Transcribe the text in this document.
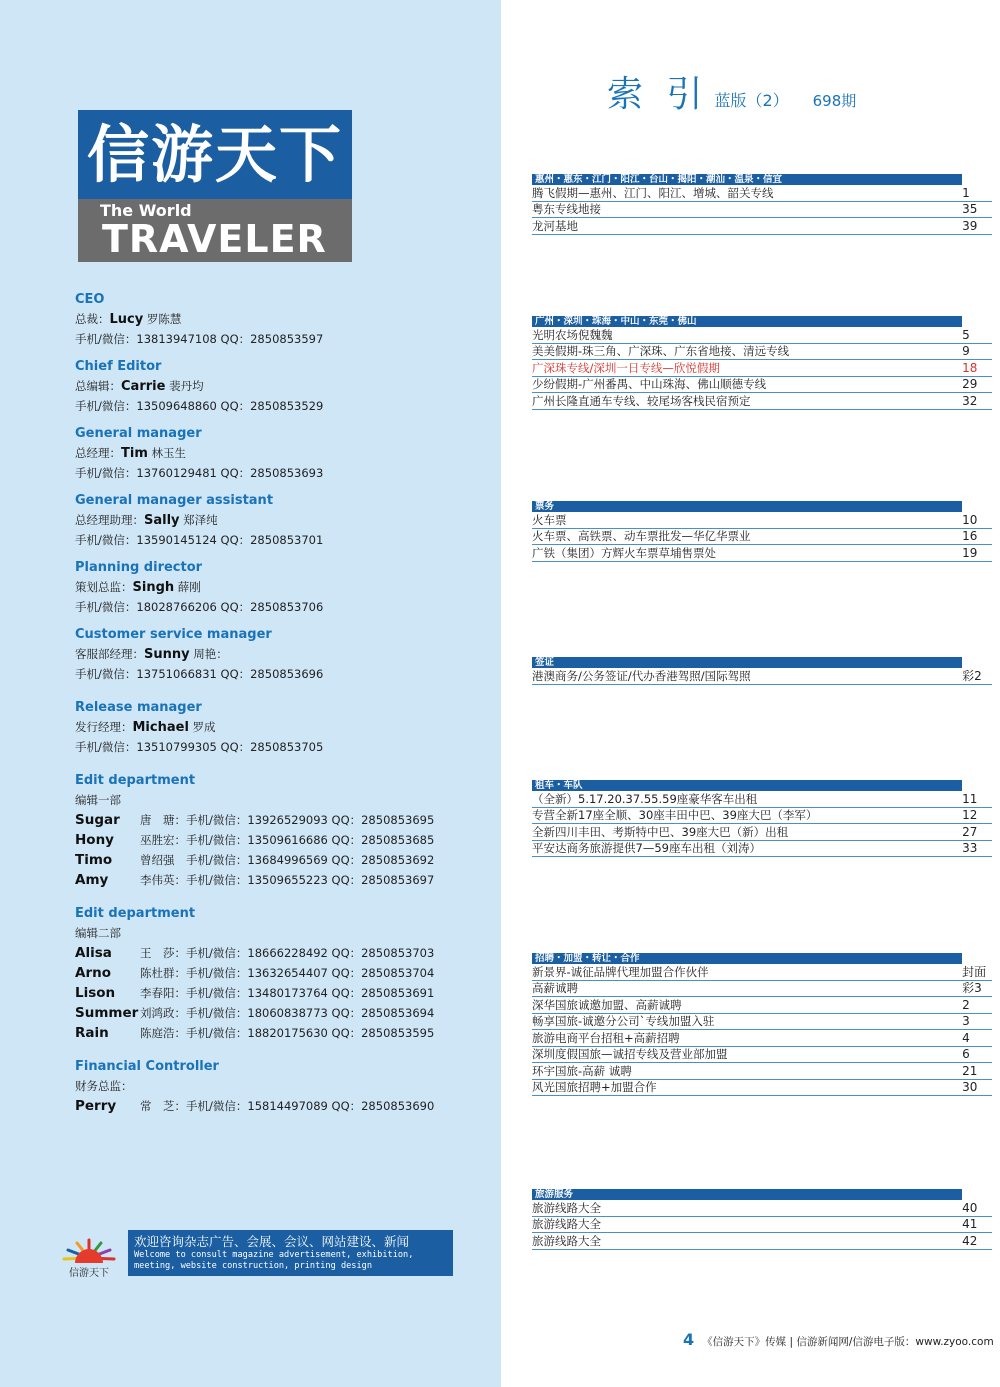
信游天下
The World
TRAVELER
CEO
总裁：Lucy 罗陈慧
手机/微信：13813947108 QQ：2850853597
Chief Editor
总编辑：Carrie 裴丹均
手机/微信：13509648860 QQ：2850853529
General manager
总经理：Tim 林玉生
手机/微信：13760129481 QQ：2850853693
General manager assistant
总经理助理：Sally 郑泽纯
手机/微信：13590145124 QQ：2850853701
Planning director
策划总监：Singh 薛刚
手机/微信：18028766206 QQ：2850853706
Customer service manager
客服部经理：Sunny 周艳：
手机/微信：13751066831 QQ：2850853696
Release manager
发行经理：Michael 罗成
手机/微信：13510799305 QQ：2850853705
Edit department
编辑一部
Sugar	唐　瑭：手机/微信：13926529093 QQ：2850853695
Hony	巫胜宏：手机/微信：13509616686 QQ：2850853685
Timo	曾绍强　手机/微信：13684996569 QQ：2850853692
Amy	李伟英：手机/微信：13509655223 QQ：2850853697
Edit department
编辑二部
Alisa	王　莎：手机/微信：18666228492 QQ：2850853703
Arno	陈杜群：手机/微信：13632654407 QQ：2850853704
Lison	李春阳：手机/微信：13480173764 QQ：2850853691
Summer 刘鸿政：手机/微信：18060838773 QQ：2850853694
Rain	陈庭浩：手机/微信：18820175630 QQ：2850853595
Financial Controller
财务总监：
Perry	常　芝：手机/微信：15814497089 QQ：2850853690
信游天下
欢迎咨询杂志广告、会展、会议、网站建设、新闻
Welcome to consult magazine advertisement, exhibition,
meeting, website construction, printing design
索 引 蓝版（2） 698期
惠州・惠东・江门・阳江・台山・揭阳・潮汕・温泉・信宜
腾飞假期—惠州、江门、阳江、增城、韶关专线	1
粤东专线地接	35
龙河基地	39
广州・深圳・珠海・中山・东莞・佛山
光明农场倪魏魏	5
美美假期-珠三角、广深珠、广东省地接、清远专线	9
广深珠专线/深圳一日专线—欣悦假期	18
少纷假期-广州番禺、中山珠海、佛山顺德专线	29
广州长隆直通车专线、较尾场客栈民宿预定	32
票务
火车票	10
火车票、高铁票、动车票批发—华亿华票业	16
广铁（集团）方辉火车票草埔售票处	19
签证
港澳商务/公务签证/代办香港驾照/国际驾照	彩2
租车・车队
（全新）5.17.20.37.55.59座豪华客车出租	11
专营全新17座全顺、30座丰田中巴、39座大巴（李军）	12
全新四川丰田、考斯特中巴、39座大巴（新）出租	27
平安达商务旅游提供7—59座车出租（刘涛）	33
招聘・加盟・转让・合作
新景界-诚征品牌代理加盟合作伙伴	封面
高薪诚聘	彩3
深华国旅诚邀加盟、高薪诚聘	2
畅享国旅-诚邀分公司`专线加盟入驻	3
旅游电商平台招租+高薪招聘	4
深圳度假国旅—诚招专线及营业部加盟	6
环宇国旅-高薪 诚聘	21
风光国旅招聘+加盟合作	30
旅游服务
旅游线路大全	40
旅游线路大全	41
旅游线路大全	42
4 《信游天下》传媒 | 信游新闻网/信游电子版：www.zyoo.com
